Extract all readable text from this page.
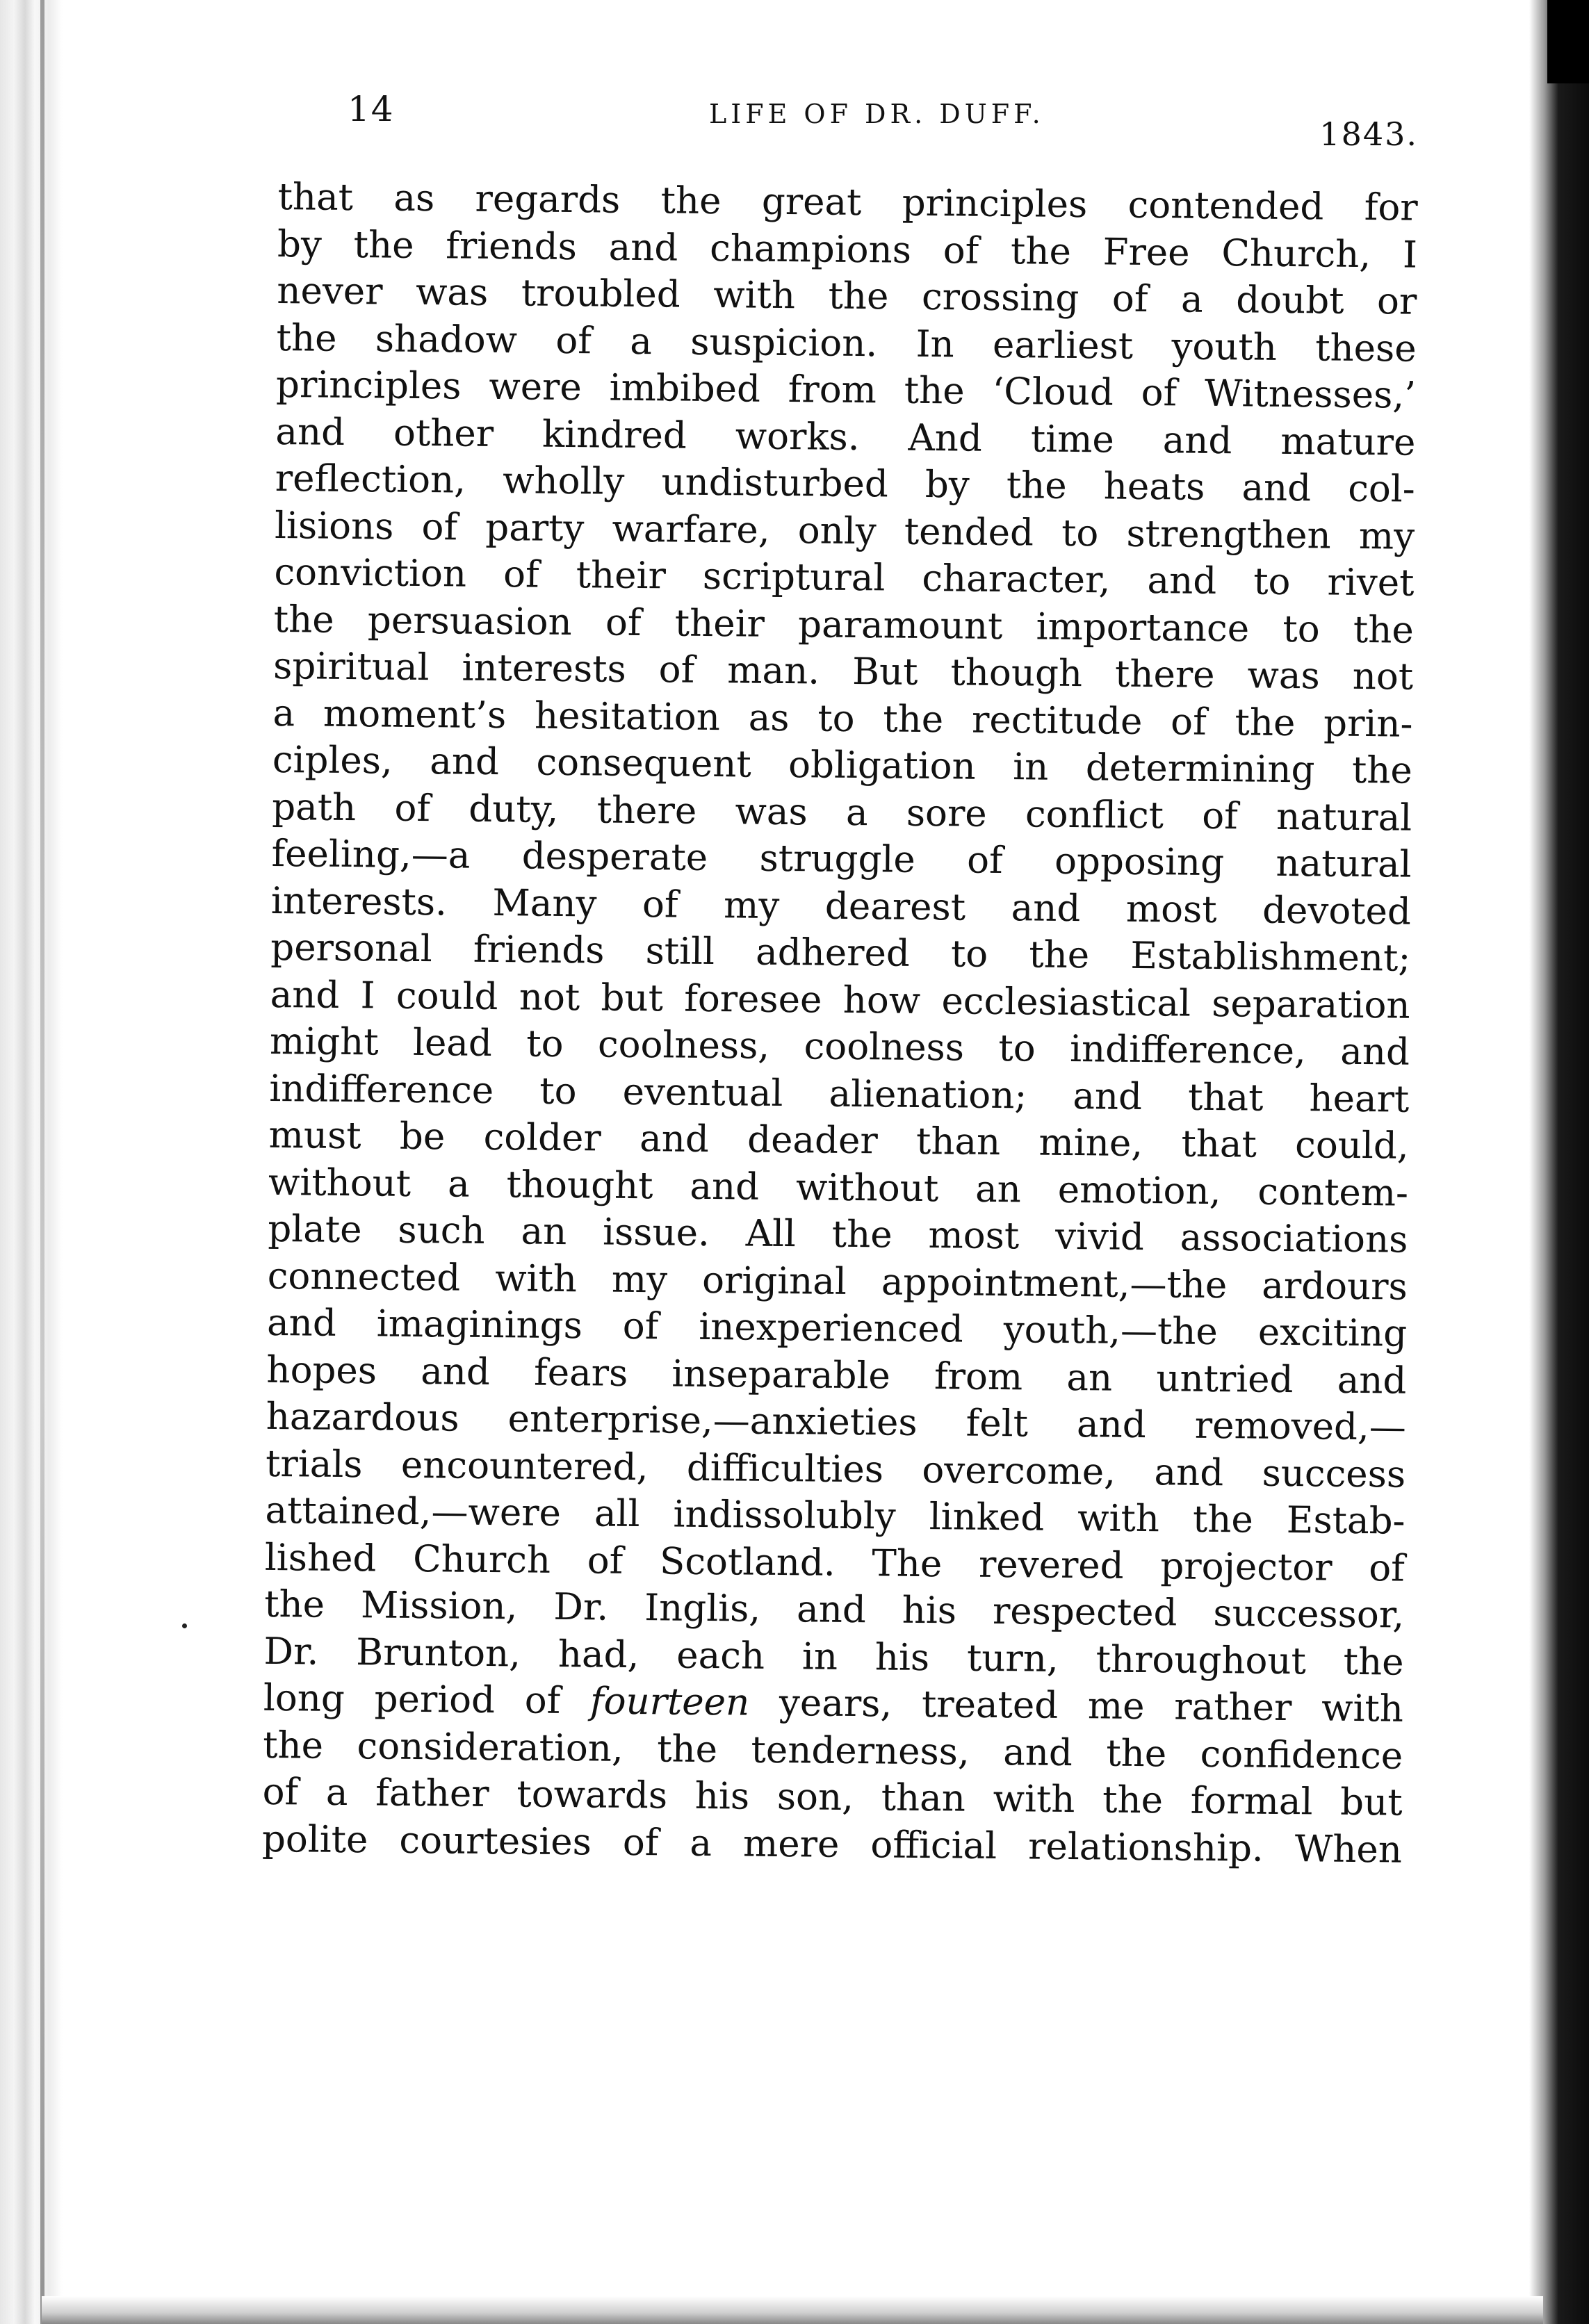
14	LIFE OF DR. DUFF.
1843.
that as regards the great principles contended for
by the friends and champions of the Free Church, I
never was troubled with the crossing of a doubt or
the shadow of a suspicion. In earliest youth these
principles were imbibed from the ‘Cloud of Witnesses,’
and other kindred works. And time and mature
reflection, wholly undisturbed by the heats and col-
lisions of party warfare, only tended to strengthen my
conviction of their scriptural character, and to rivet
the persuasion of their paramount importance to the
spiritual interests of man. But though there was not
a moment’s hesitation as to the rectitude of the prin-
ciples, and consequent obligation in determining the
path of duty, there was a sore conflict of natural
feeling,—a desperate struggle of opposing natural
interests. Many of my dearest and most devoted
personal friends still adhered to the Establishment;
and I could not but foresee how ecclesiastical separation
might lead to coolness, coolness to indifference, and
indifference to eventual alienation; and that heart
must be colder and deader than mine, that could,
without a thought and without an emotion, contem-
plate such an issue. All the most vivid associations
connected with my original appointment,—the ardours
and imaginings of inexperienced youth,—the exciting
hopes and fears inseparable from an untried and
hazardous enterprise,—anxieties felt and removed,—
trials encountered, difficulties overcome, and success
attained,—were all indissolubly linked with the Estab-
lished Church of Scotland. The revered projector of
the Mission, Dr. Inglis, and his respected successor,
Dr. Brunton, had, each in his turn, throughout the
long period of fourteen years, treated me rather with
the consideration, the tenderness, and the confidence
of a father towards his son, than with the formal but
polite courtesies of a mere official relationship. When
